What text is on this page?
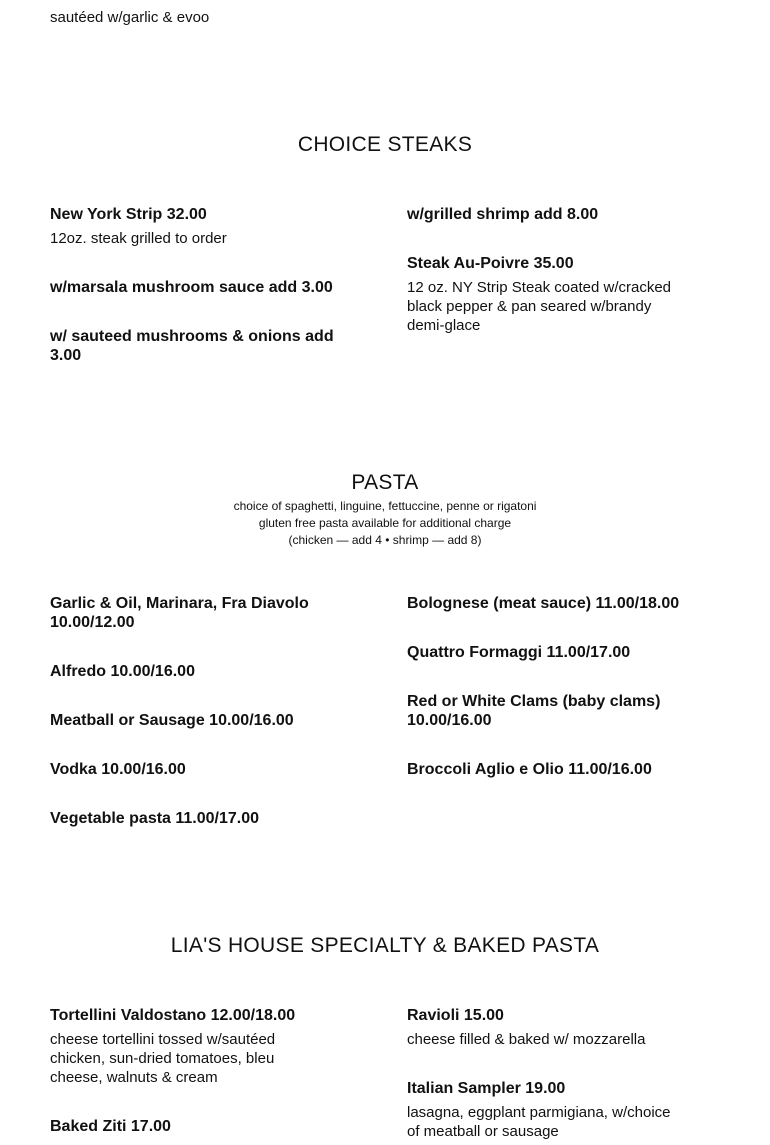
sautéed w/garlic & evoo
CHOICE STEAKS
New York Strip 32.00
12oz. steak grilled to order
w/marsala mushroom sauce add 3.00
w/ sauteed mushrooms & onions add 3.00
w/grilled shrimp add 8.00
Steak Au-Poivre 35.00
12 oz. NY Strip Steak coated w/cracked black pepper & pan seared w/brandy demi-glace
PASTA
choice of spaghetti, linguine, fettuccine, penne or rigatoni
gluten free pasta available for additional charge
(chicken — add 4 • shrimp — add 8)
Garlic & Oil, Marinara, Fra Diavolo 10.00/12.00
Alfredo 10.00/16.00
Meatball or Sausage 10.00/16.00
Vodka 10.00/16.00
Vegetable pasta 11.00/17.00
Bolognese (meat sauce) 11.00/18.00
Quattro Formaggi 11.00/17.00
Red or White Clams (baby clams) 10.00/16.00
Broccoli Aglio e Olio 11.00/16.00
LIA'S HOUSE SPECIALTY & BAKED PASTA
Tortellini Valdostano 12.00/18.00
cheese tortellini tossed w/sautéed chicken, sun-dried tomatoes, bleu cheese, walnuts & cream
Baked Ziti 17.00
Ravioli 15.00
cheese filled & baked w/ mozzarella
Italian Sampler 19.00
lasagna, eggplant parmigiana, w/choice of meatball or sausage
